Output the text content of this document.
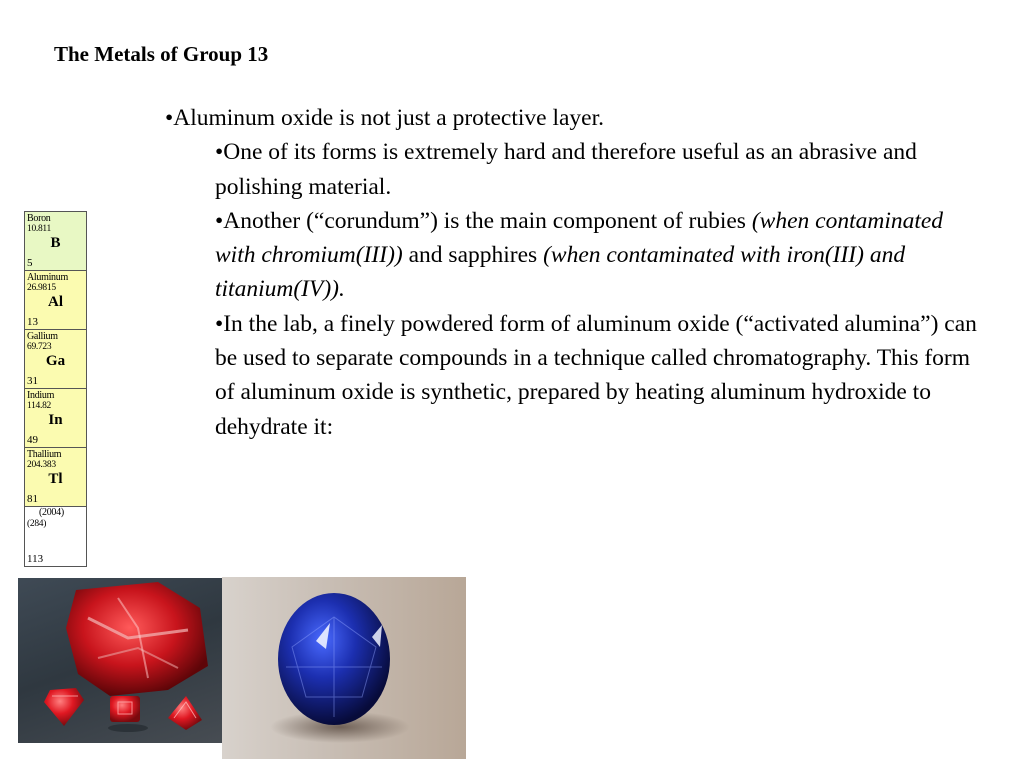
The Metals of Group 13

•Aluminum oxide is not just a protective layer.

•One of its forms is extremely hard and therefore useful as an abrasive and polishing material.

•Another (“corundum”) is the main component of rubies (when contaminated with chromium(III)) and sapphires (when contaminated with iron(III) and titanium(IV)).

•In the lab, a finely powdered form of aluminum oxide (“activated alumina”) can be used to separate compounds in a technique called chromatography. This form of aluminum oxide is synthetic, prepared by heating aluminum hydroxide to dehydrate it:

Boron
10.811
B
5
Aluminum
26.9815
Al
13
Gallium
69.723
Ga
31
Indium
114.82
In
49
Thallium
204.383
Tl
81
(2004)
(284)
113
